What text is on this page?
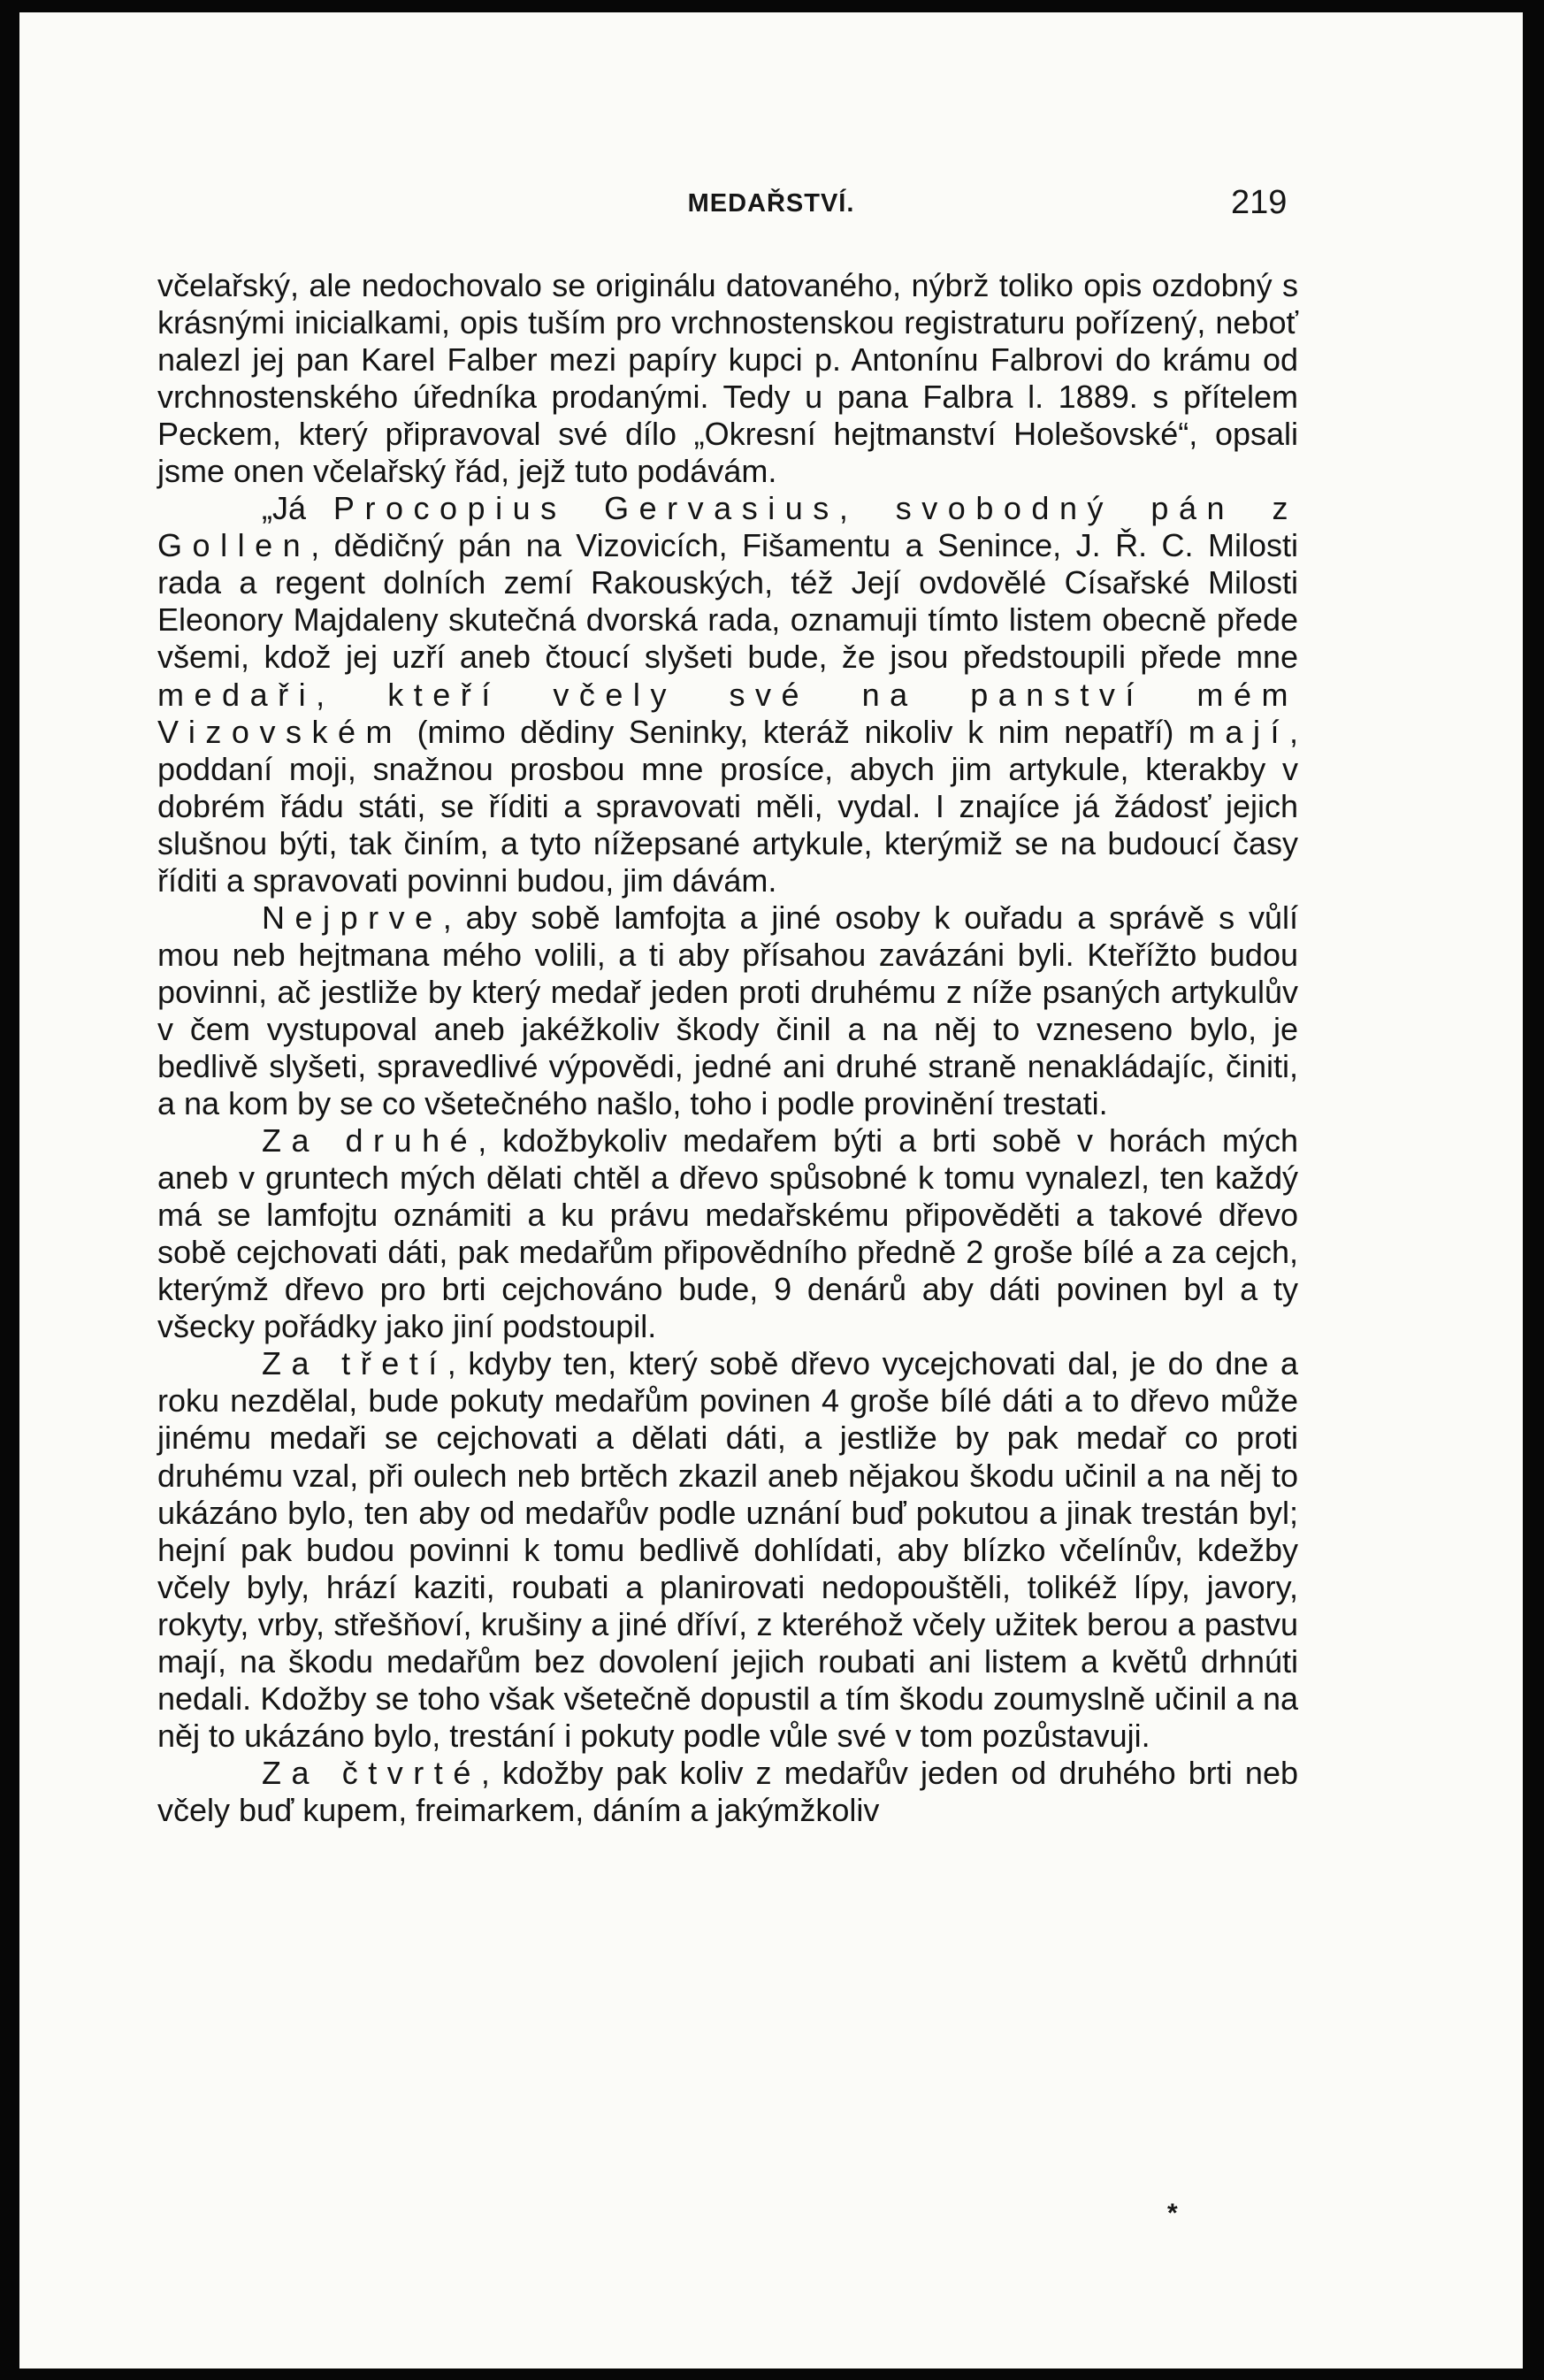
MEDAŘSTVÍ.	219

včelařský, ale nedochovalo se originálu datovaného, nýbrž toliko opis ozdobný s krásnými inicialkami, opis tuším pro vrchnostenskou registraturu pořízený, neboť nalezl jej pan Karel Falber mezi papíry kupci p. Antonínu Falbrovi do krámu od vrchnostenského úředníka prodanými. Tedy u pana Falbra l. 1889. s přítelem Peckem, který připravoval své dílo „Okresní hejtmanství Holešovské“, opsali jsme onen včelařský řád, jejž tuto podávám.

„Já Procopius Gervasius, svobodný pán z Gollen, dědičný pán na Vizovicích, Fišamentu a Senince, J. Ř. C. Milosti rada a regent dolních zemí Rakouských, též Její ovdovělé Císařské Milosti Eleonory Majdaleny skutečná dvorská rada, oznamuji tímto listem obecně přede všemi, kdož jej uzří aneb čtoucí slyšeti bude, že jsou předstoupili přede mne medaři, kteří včely své na panství mém Vizovském (mimo dědiny Seninky, kteráž nikoliv k nim nepatří) mají, poddaní moji, snažnou prosbou mne prosíce, abych jim artykule, kterakby v dobrém řádu státi, se říditi a spravovati měli, vydal. I znajíce já žádosť jejich slušnou býti, tak činím, a tyto nížepsané artykule, kterýmiž se na budoucí časy říditi a spravovati povinni budou, jim dávám.

Nejprve, aby sobě lamfojta a jiné osoby k ouřadu a správě s vůlí mou neb hejtmana mého volili, a ti aby přísahou zavázáni byli. Kteřížto budou povinni, ač jestliže by který medař jeden proti druhému z níže psaných artykulův v čem vystupoval aneb jakéžkoliv škody činil a na něj to vzneseno bylo, je bedlivě slyšeti, spravedlivé výpovědi, jedné ani druhé straně nenakládajíc, činiti, a na kom by se co všetečného našlo, toho i podle provinění trestati.

Za druhé, kdožbykoliv medařem býti a brti sobě v horách mých aneb v gruntech mých dělati chtěl a dřevo spůsobné k tomu vynalezl, ten každý má se lamfojtu oznámiti a ku právu medařskému připověděti a takové dřevo sobě cejchovati dáti, pak medařům připovědního předně 2 groše bílé a za cejch, kterýmž dřevo pro brti cejchováno bude, 9 denárů aby dáti povinen byl a ty všecky pořádky jako jiní podstoupil.

Za třetí, kdyby ten, který sobě dřevo vycejchovati dal, je do dne a roku nezdělal, bude pokuty medařům povinen 4 groše bílé dáti a to dřevo může jinému medaři se cejchovati a dělati dáti, a jestliže by pak medař co proti druhému vzal, při oulech neb brtěch zkazil aneb nějakou škodu učinil a na něj to ukázáno bylo, ten aby od medařův podle uznání buď pokutou a jinak trestán byl; hejní pak budou povinni k tomu bedlivě dohlídati, aby blízko včelínův, kdežby včely byly, hrází kaziti, roubati a planirovati nedopouštěli, tolikéž lípy, javory, rokyty, vrby, střešňoví, krušiny a jiné dříví, z kteréhož včely užitek berou a pastvu mají, na škodu medařům bez dovolení jejich roubati ani listem a květů drhnúti nedali. Kdožby se toho však všetečně dopustil a tím škodu zoumyslně učinil a na něj to ukázáno bylo, trestání i pokuty podle vůle své v tom pozůstavuji.

Za čtvrté, kdožby pak koliv z medařův jeden od druhého brti neb včely buď kupem, freimarkem, dáním a jakýmžkoliv

*
